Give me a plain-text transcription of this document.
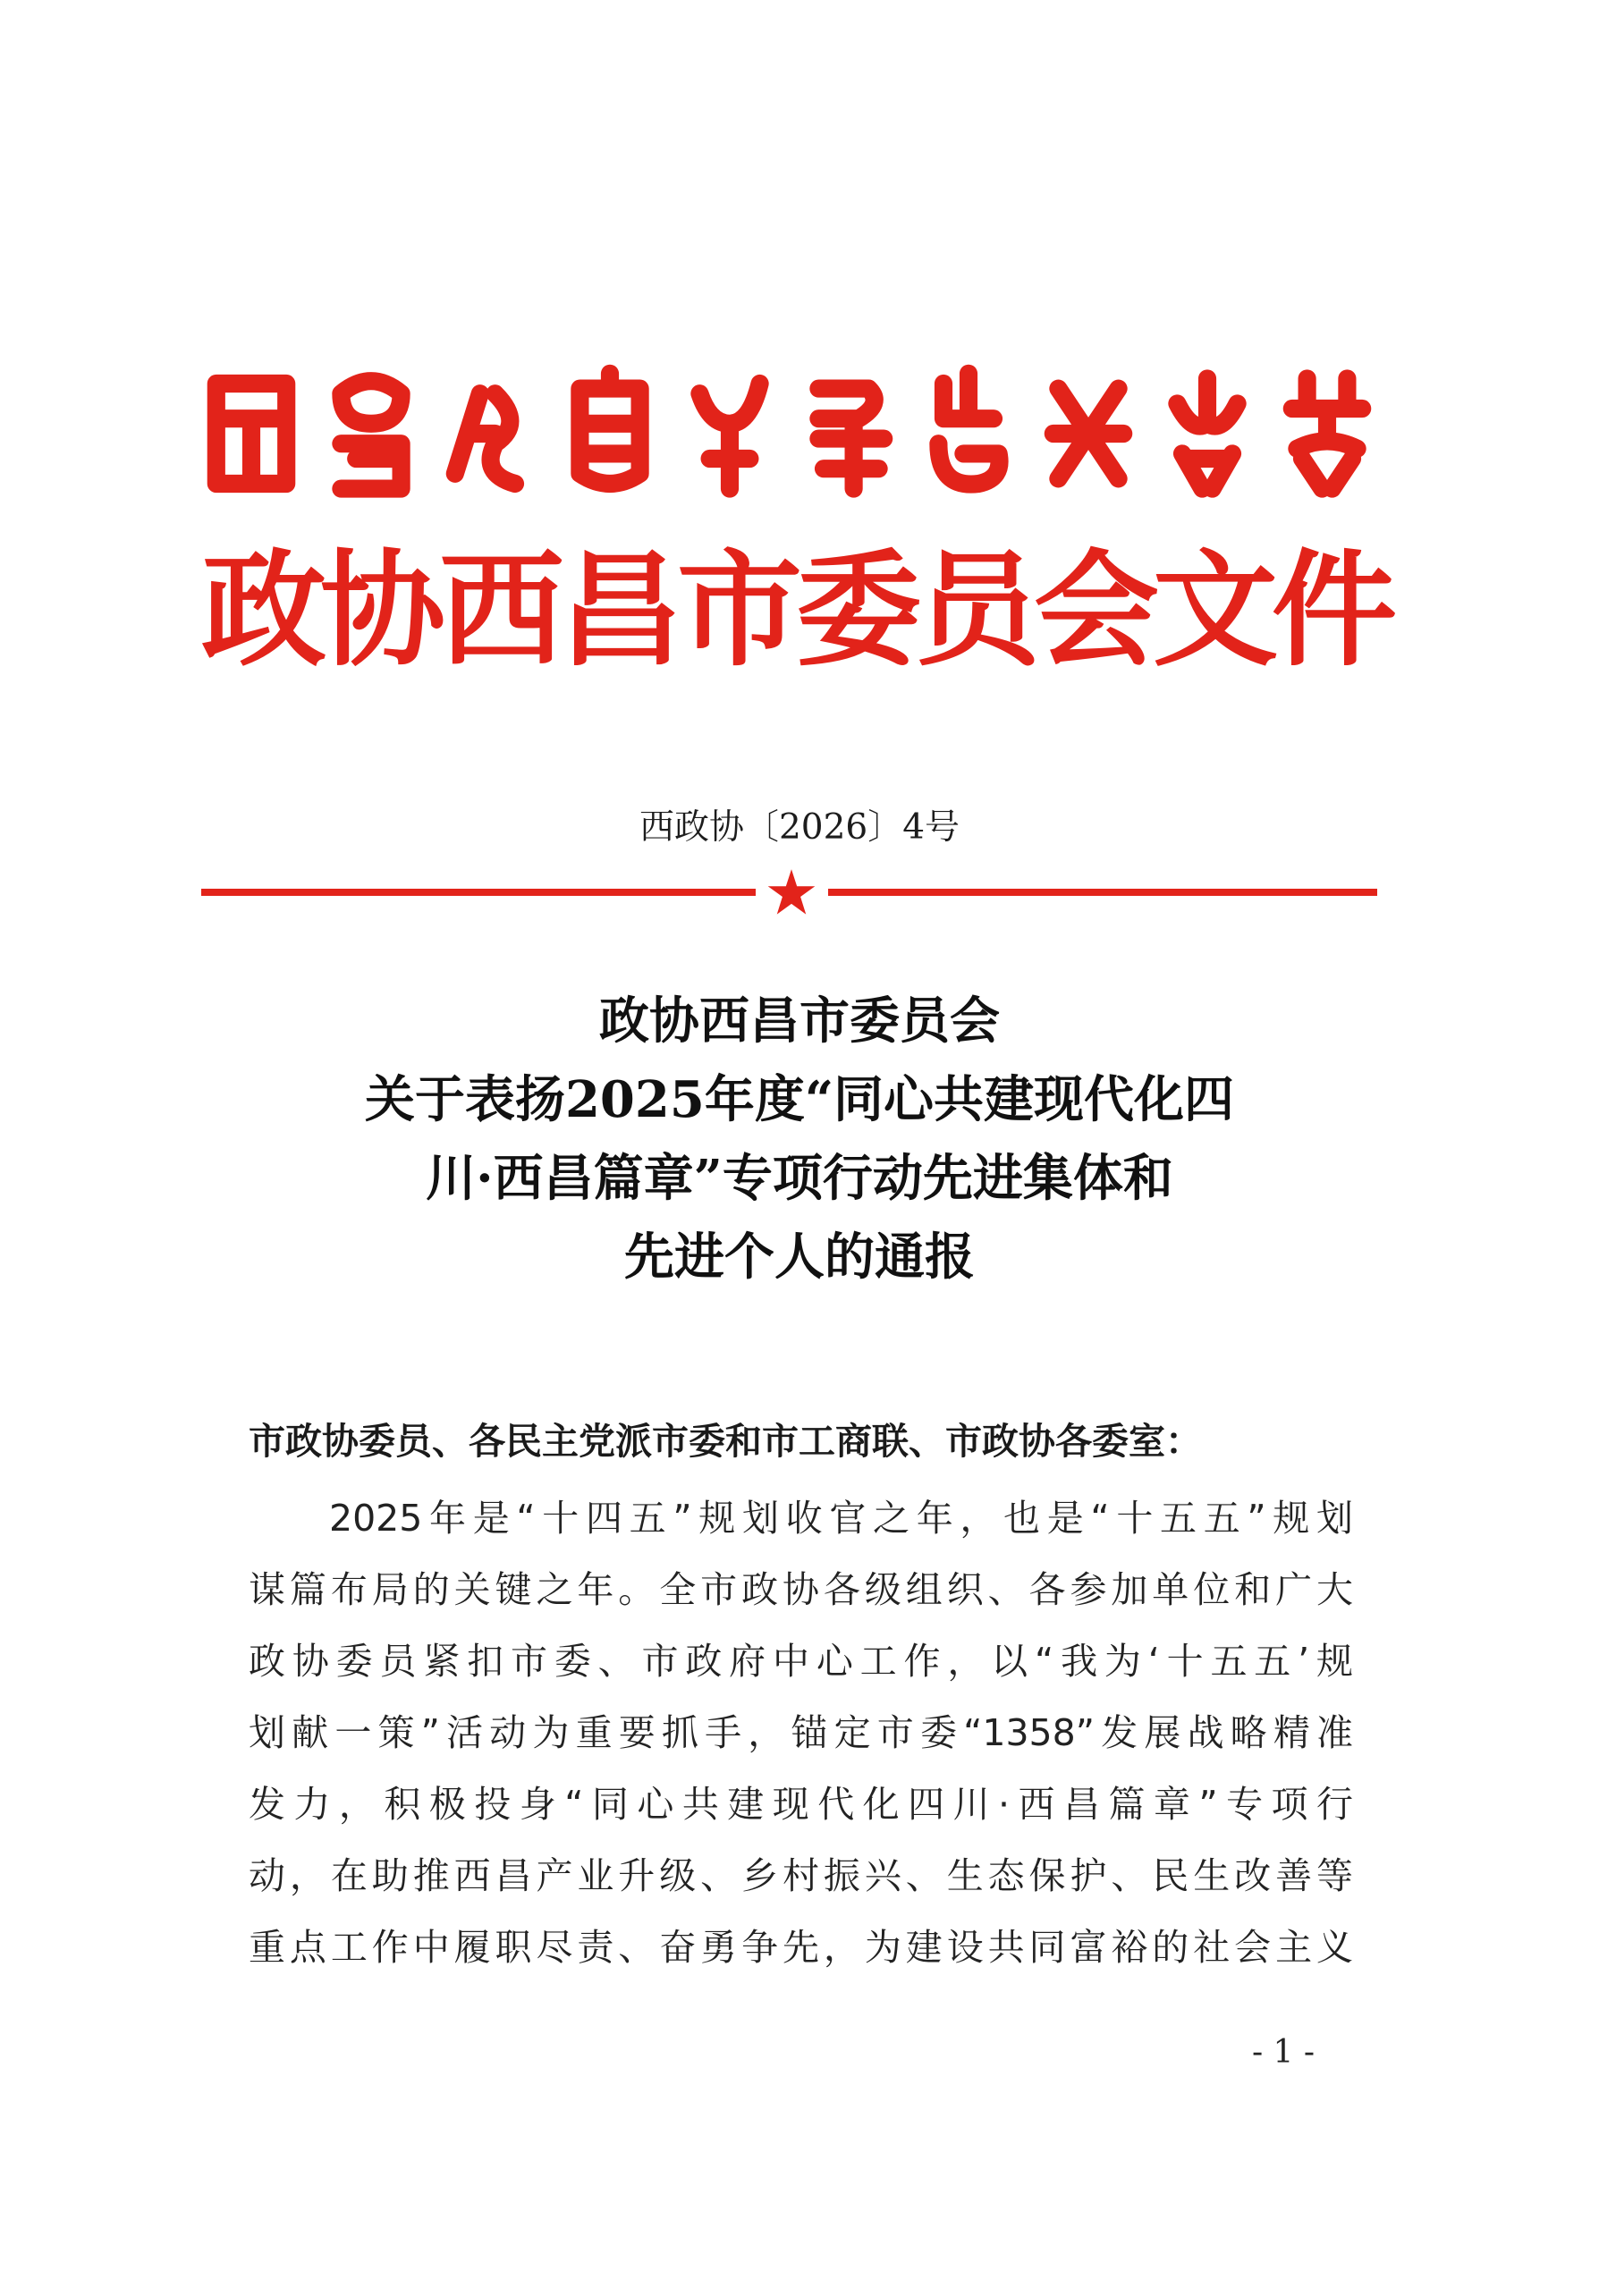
政协西昌市委员会文件
西政协〔2026〕4号
政协西昌市委员会
关于表扬2025年度“同心共建现代化四
川·西昌篇章”专项行动先进集体和
先进个人的通报
市政协委员、各民主党派市委和市工商联、市政协各委室：
2025年是“十四五”规划收官之年，也是“十五五”规划
谋篇布局的关键之年。全市政协各级组织、各参加单位和广大
政协委员紧扣市委、市政府中心工作，以“我为‘十五五’规
划献一策”活动为重要抓手，锚定市委“1358”发展战略精准
发力，积极投身“同心共建现代化四川·西昌篇章”专项行
动，在助推西昌产业升级、乡村振兴、生态保护、民生改善等
重点工作中履职尽责、奋勇争先，为建设共同富裕的社会主义
- 1 -
